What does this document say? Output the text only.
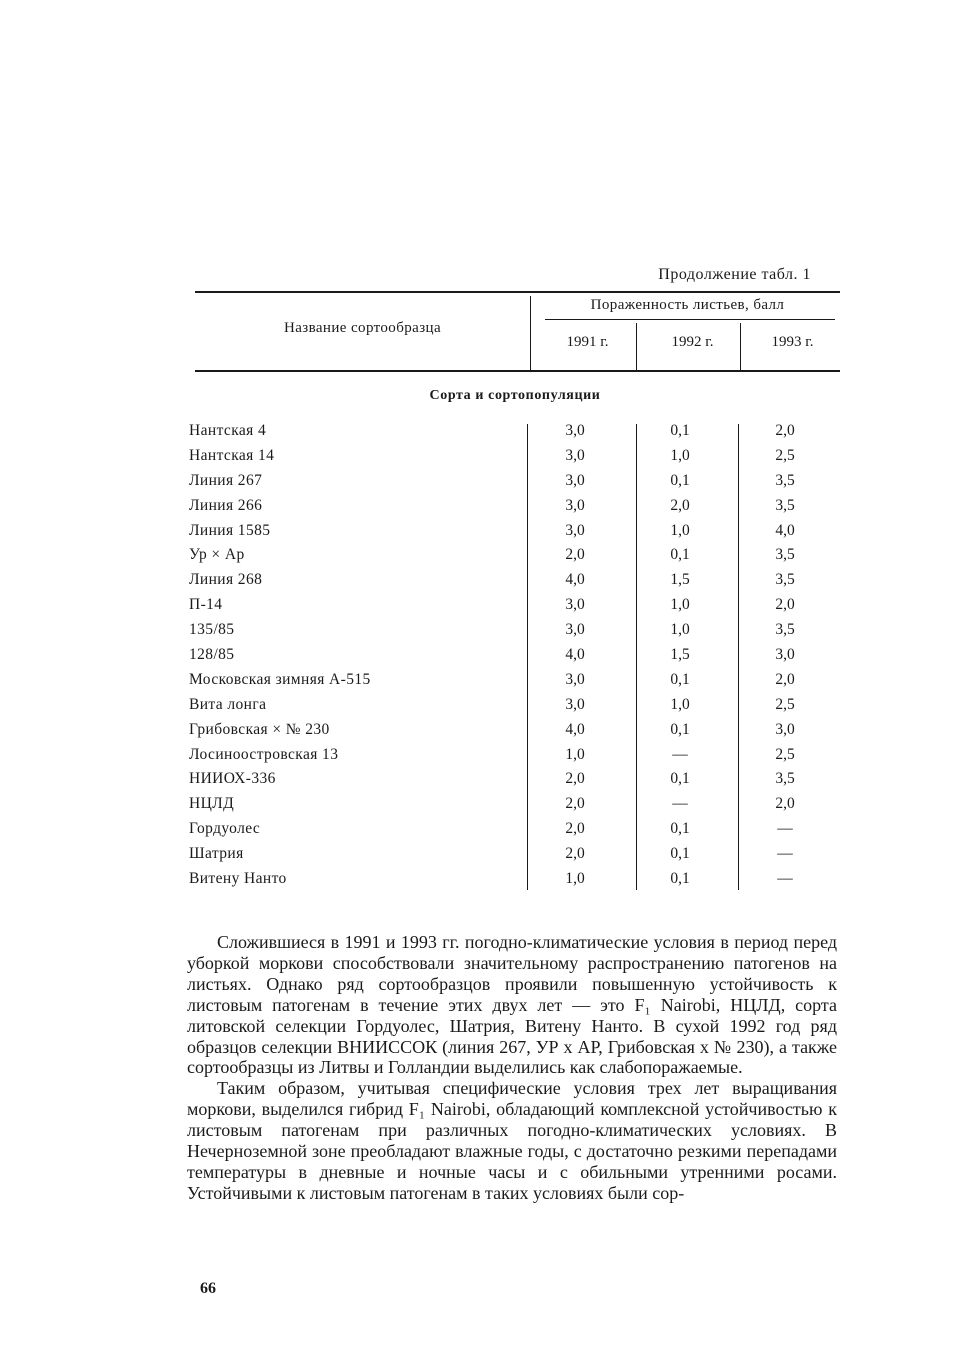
Продолжение табл. 1
Название сортообразца
Пораженность листьев, балл
1991 г.	1992 г.	1993 г.
Сорта и сортопопуляции
Нантская 4	3,0	0,1	2,0
Нантская 14	3,0	1,0	2,5
Линия 267	3,0	0,1	3,5
Линия 266	3,0	2,0	3,5
Линия 1585	3,0	1,0	4,0
Ур × Ар	2,0	0,1	3,5
Линия 268	4,0	1,5	3,5
П-14	3,0	1,0	2,0
135/85	3,0	1,0	3,5
128/85	4,0	1,5	3,0
Московская зимняя А-515	3,0	0,1	2,0
Вита лонга	3,0	1,0	2,5
Грибовская × № 230	4,0	0,1	3,0
Лосиноостровская 13	1,0	—	2,5
НИИОХ-336	2,0	0,1	3,5
НЦЛД	2,0	—	2,0
Гордуолес	2,0	0,1	—
Шатрия	2,0	0,1	—
Витену Нанто	1,0	0,1	—

Сложившиеся в 1991 и 1993 гг. погодно-климатические условия в период перед уборкой моркови способствовали значительному распространению патогенов на листьях. Однако ряд сортообразцов проявили повышенную устойчивость к листовым патогенам в течение этих двух лет — это F₁ Nairobi, НЦЛД, сорта литовской селекции Гордуолес, Шатрия, Витену Нанто. В сухой 1992 год ряд образцов селекции ВНИИССОК (линия 267, УР х АР, Грибовская х № 230), а также сортообразцы из Литвы и Голландии выделились как слабопоражаемые.

Таким образом, учитывая специфические условия трех лет выращивания моркови, выделился гибрид F₁ Nairobi, обладающий комплексной устойчивостью к листовым патогенам при различных погодно-климатических условиях. В Нечерноземной зоне преобладают влажные годы, с достаточно резкими перепадами температуры в дневные и ночные часы и с обильными утренними росами. Устойчивыми к листовым патогенам в таких условиях были сор-

66
